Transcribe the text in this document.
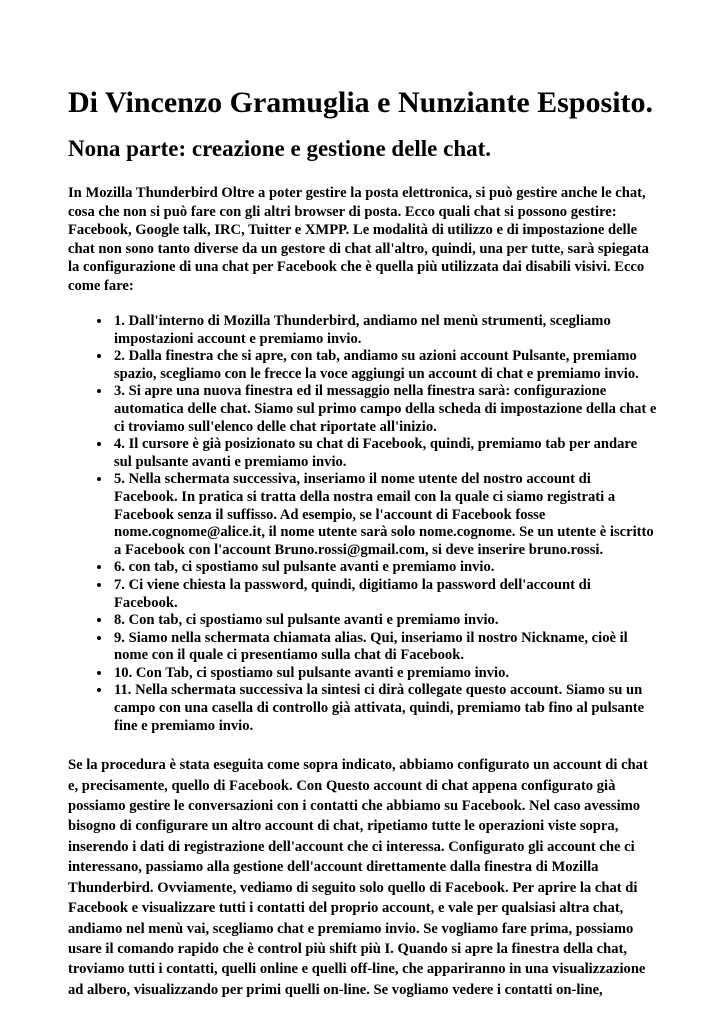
Di Vincenzo Gramuglia e Nunziante Esposito.
Nona parte: creazione e gestione delle chat.

In Mozilla Thunderbird Oltre a poter gestire la posta elettronica, si può gestire anche le chat, cosa che non si può fare con gli altri browser di posta. Ecco quali chat si possono gestire: Facebook, Google talk, IRC, Tuitter e XMPP. Le modalità di utilizzo e di impostazione delle chat non sono tanto diverse da un gestore di chat all'altro, quindi, una per tutte, sarà spiegata la configurazione di una chat per Facebook che è quella più utilizzata dai disabili visivi. Ecco come fare:

• 1. Dall'interno di Mozilla Thunderbird, andiamo nel menù strumenti, scegliamo impostazioni account e premiamo invio.
• 2. Dalla finestra che si apre, con tab, andiamo su azioni account Pulsante, premiamo spazio, scegliamo con le frecce la voce aggiungi un account di chat e premiamo invio.
• 3. Si apre una nuova finestra ed il messaggio nella finestra sarà: configurazione automatica delle chat. Siamo sul primo campo della scheda di impostazione della chat e ci troviamo sull'elenco delle chat riportate all'inizio.
• 4. Il cursore è già posizionato su chat di Facebook, quindi, premiamo tab per andare sul pulsante avanti e premiamo invio.
• 5. Nella schermata successiva, inseriamo il nome utente del nostro account di Facebook. In pratica si tratta della nostra email con la quale ci siamo registrati a Facebook senza il suffisso. Ad esempio, se l'account di Facebook fosse nome.cognome@alice.it, il nome utente sarà solo nome.cognome. Se un utente è iscritto a Facebook con l'account Bruno.rossi@gmail.com, si deve inserire bruno.rossi.
• 6. con tab, ci spostiamo sul pulsante avanti e premiamo invio.
• 7. Ci viene chiesta la password, quindi, digitiamo la password dell'account di Facebook.
• 8. Con tab, ci spostiamo sul pulsante avanti e premiamo invio.
• 9. Siamo nella schermata chiamata alias. Qui, inseriamo il nostro Nickname, cioè il nome con il quale ci presentiamo sulla chat di Facebook.
• 10. Con Tab, ci spostiamo sul pulsante avanti e premiamo invio.
• 11. Nella schermata successiva la sintesi ci dirà collegate questo account. Siamo su un campo con una casella di controllo già attivata, quindi, premiamo tab fino al pulsante fine e premiamo invio.

Se la procedura è stata eseguita come sopra indicato, abbiamo configurato un account di chat e, precisamente, quello di Facebook. Con Questo account di chat appena configurato già possiamo gestire le conversazioni con i contatti che abbiamo su Facebook. Nel caso avessimo bisogno di configurare un altro account di chat, ripetiamo tutte le operazioni viste sopra, inserendo i dati di registrazione dell'account che ci interessa. Configurato gli account che ci interessano, passiamo alla gestione dell'account direttamente dalla finestra di Mozilla Thunderbird. Ovviamente, vediamo di seguito solo quello di Facebook. Per aprire la chat di Facebook e visualizzare tutti i contatti del proprio account, e vale per qualsiasi altra chat, andiamo nel menù vai, scegliamo chat e premiamo invio. Se vogliamo fare prima, possiamo usare il comando rapido che è control più shift più I. Quando si apre la finestra della chat, troviamo tutti i contatti, quelli online e quelli off-line, che appariranno in una visualizzazione ad albero, visualizzando per primi quelli on-line. Se vogliamo vedere i contatti on-line,
